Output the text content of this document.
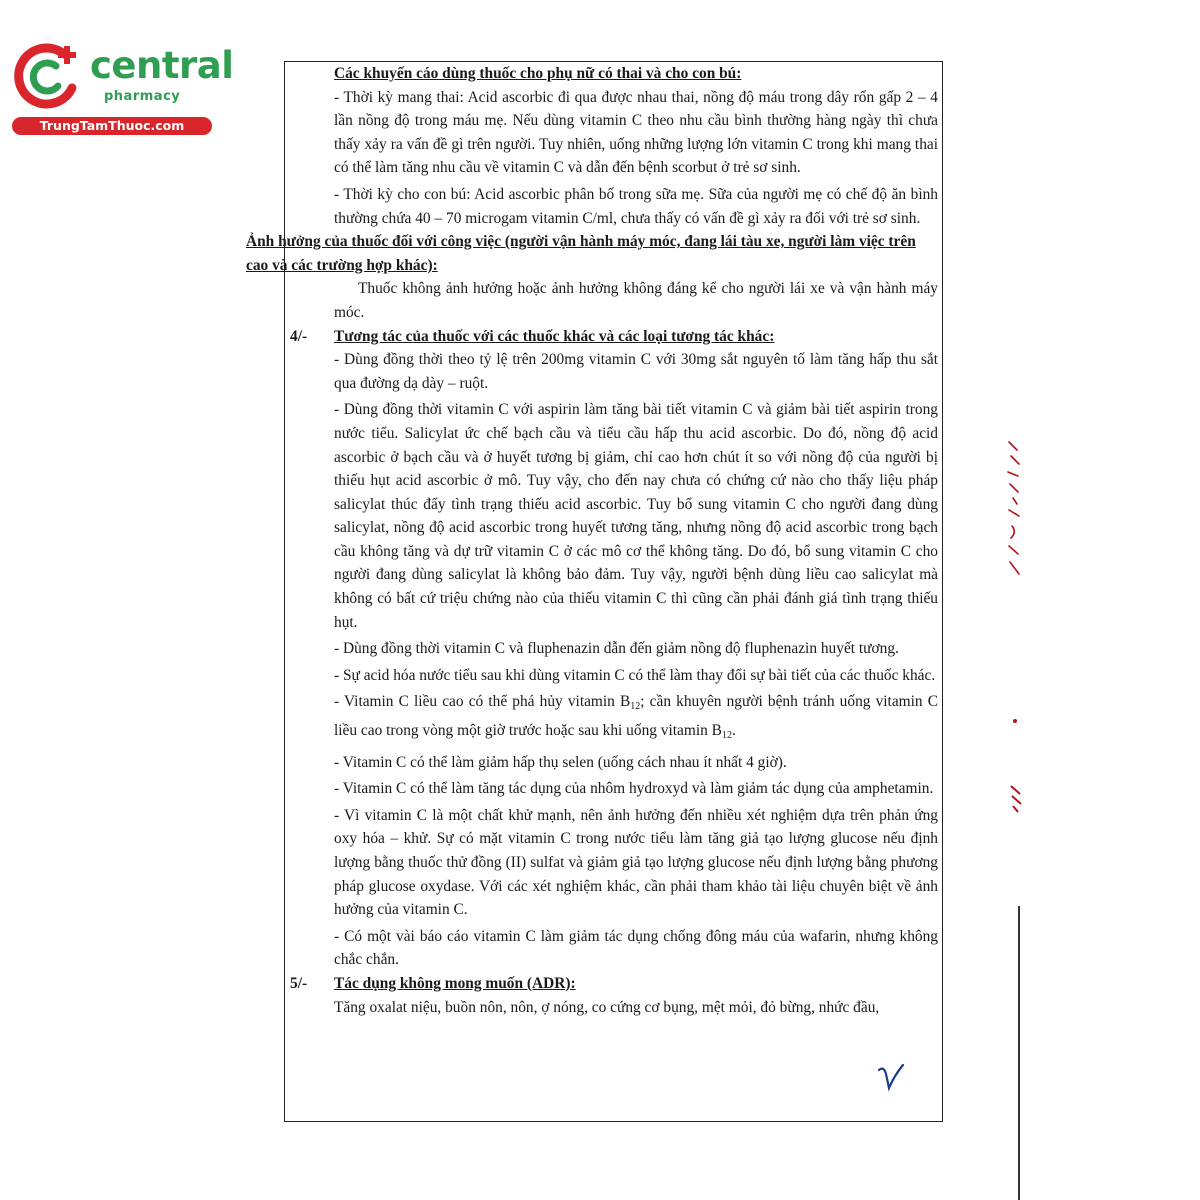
central
pharmacy
TrungTamThuoc.com

Các khuyến cáo dùng thuốc cho phụ nữ có thai và cho con bú:

- Thời kỳ mang thai: Acid ascorbic đi qua được nhau thai, nồng độ máu trong dây rốn gấp 2 – 4 lần nồng độ trong máu mẹ. Nếu dùng vitamin C theo nhu cầu bình thường hàng ngày thì chưa thấy xảy ra vấn đề gì trên người. Tuy nhiên, uống những lượng lớn vitamin C trong khi mang thai có thể làm tăng nhu cầu về vitamin C và dẫn đến bệnh scorbut ở trẻ sơ sinh.

- Thời kỳ cho con bú: Acid ascorbic phân bố trong sữa mẹ. Sữa của người mẹ có chế độ ăn bình thường chứa 40 – 70 microgam vitamin C/ml, chưa thấy có vấn đề gì xảy ra đối với trẻ sơ sinh.

Ảnh hưởng của thuốc đối với công việc (người vận hành máy móc, đang lái tàu xe, người làm việc trên cao và các trường hợp khác):

Thuốc không ảnh hưởng hoặc ảnh hưởng không đáng kể cho người lái xe và vận hành máy móc.

4/-	Tương tác của thuốc với các thuốc khác và các loại tương tác khác:

- Dùng đồng thời theo tỷ lệ trên 200mg vitamin C với 30mg sắt nguyên tố làm tăng hấp thu sắt qua đường dạ dày – ruột.

- Dùng đồng thời vitamin C với aspirin làm tăng bài tiết vitamin C và giảm bài tiết aspirin trong nước tiểu. Salicylat ức chế bạch cầu và tiểu cầu hấp thu acid ascorbic. Do đó, nồng độ acid ascorbic ở bạch cầu và ở huyết tương bị giảm, chỉ cao hơn chút ít so với nồng độ của người bị thiếu hụt acid ascorbic ở mô. Tuy vậy, cho đến nay chưa có chứng cứ nào cho thấy liệu pháp salicylat thúc đẩy tình trạng thiếu acid ascorbic. Tuy bổ sung vitamin C cho người đang dùng salicylat, nồng độ acid ascorbic trong huyết tương tăng, nhưng nồng độ acid ascorbic trong bạch cầu không tăng và dự trữ vitamin C ở các mô cơ thể không tăng. Do đó, bổ sung vitamin C cho người đang dùng salicylat là không bảo đảm. Tuy vậy, người bệnh dùng liều cao salicylat mà không có bất cứ triệu chứng nào của thiếu vitamin C thì cũng cần phải đánh giá tình trạng thiếu hụt.

- Dùng đồng thời vitamin C và fluphenazin dẫn đến giảm nồng độ fluphenazin huyết tương.

- Sự acid hóa nước tiểu sau khi dùng vitamin C có thể làm thay đổi sự bài tiết của các thuốc khác.

- Vitamin C liều cao có thể phá hủy vitamin $B_{12}$; cần khuyên người bệnh tránh uống vitamin C liều cao trong vòng một giờ trước hoặc sau khi uống vitamin $B_{12}$.

- Vitamin C có thể làm giảm hấp thụ selen (uống cách nhau ít nhất 4 giờ).

- Vitamin C có thể làm tăng tác dụng của nhôm hydroxyd và làm giảm tác dụng của amphetamin.

- Vì vitamin C là một chất khử mạnh, nên ảnh hưởng đến nhiều xét nghiệm dựa trên phản ứng oxy hóa – khử. Sự có mặt vitamin C trong nước tiểu làm tăng giả tạo lượng glucose nếu định lượng bằng thuốc thử đồng (II) sulfat và giảm giả tạo lượng glucose nếu định lượng bằng phương pháp glucose oxydase. Với các xét nghiệm khác, cần phải tham khảo tài liệu chuyên biệt về ảnh hưởng của vitamin C.

- Có một vài báo cáo vitamin C làm giảm tác dụng chống đông máu của wafarin, nhưng không chắc chắn.

5/-	Tác dụng không mong muốn (ADR):

Tăng oxalat niệu, buồn nôn, nôn, ợ nóng, co cứng cơ bụng, mệt mỏi, đỏ bừng, nhức đầu,
